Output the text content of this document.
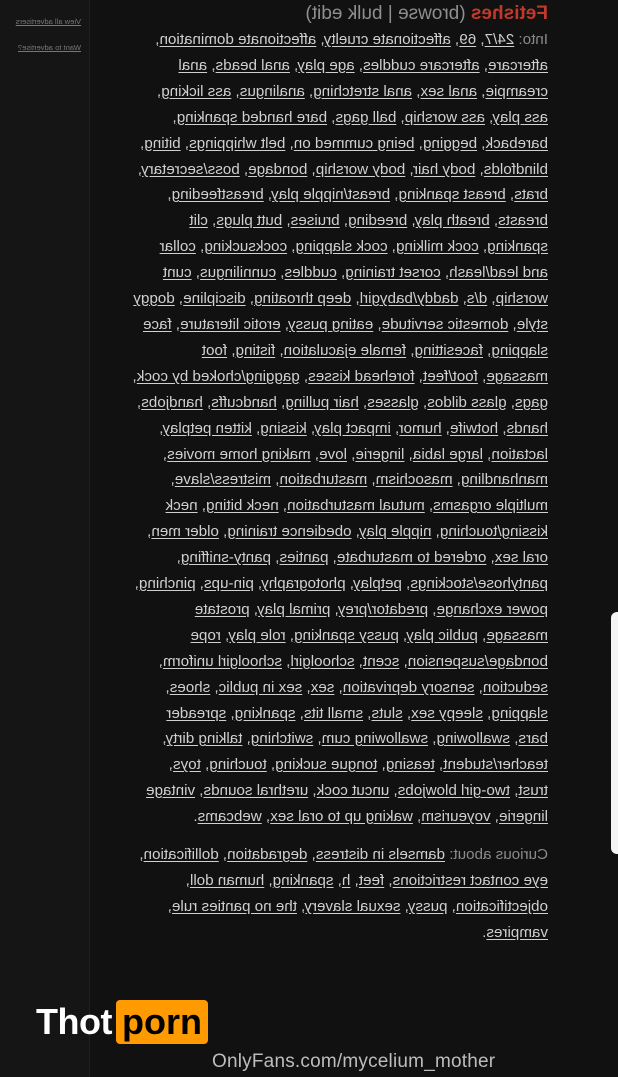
Fetishes (browse | bulk edit)
Into: 24/7, 69, affectionate cruelty, affectionate domination, aftercare, aftercare cuddles, age play, anal beads, anal creampie, anal sex, anal stretching, analingus, ass licking, ass play, ass worship, ball gags, bare handed spanking, bareback, begging, being cummed on, belt whippings, biting, blindfolds, body hair, body worship, bondage, boss/secretary, brats, breast spanking, breast/nipple play, breastfeeding, breasts, breath play, breeding, bruises, butt plugs, clit spanking, cock milking, cock slapping, cocksucking, collar and lead/leash, corset training, cuddles, cunnilingus, cunt worship, d/s, daddy/babygirl, deep throating, discipline, doggy style, domestic servitude, eating pussy, erotic literature, face slapping, facesitting, female ejaculation, fisting, foot massage, foot/feet, forehead kisses, gagging/choked by cock, gags, glass dildos, glasses, hair pulling, handcuffs, handjobs, hands, hotwife, humor, impact play, kissing, kitten petplay, lactation, large labia, lingerie, love, making home movies, manhandling, masochism, masturbation, mistress/slave, multiple orgasms, mutual masturbation, neck biting, neck kissing/touching, nipple play, obedience training, older men, oral sex, ordered to masturbate, panties, panty-sniffing, pantyhose/stockings, petplay, photography, pin-ups, pinching, power exchange, predator/prey, primal play, prostate massage, public play, pussy spanking, role play, rope bondage/suspension, scent, schoolgirl, schoolgirl uniform, seduction, sensory deprivation, sex, sex in public, shoes, slapping, sleepy sex, sluts, small tits, spanking, spreader bars, swallowing, swallowing cum, switching, talking dirty, teacher/student, teasing, tongue sucking, touching, toys, trust, two-girl blowjobs, uncut cock, urethral sounds, vintage lingerie, voyeurism, waking up to oral sex, webcams.
Curious about: damsels in distress, degradation, dollification, eye contact restrictions, feet, h, spanking, human doll, objectification, pussy, sexual slavery, the no panties rule, vampires.
View all advertisers
Want to advertise?
OnlyFans.com/mycelium_mother
Thot porn
